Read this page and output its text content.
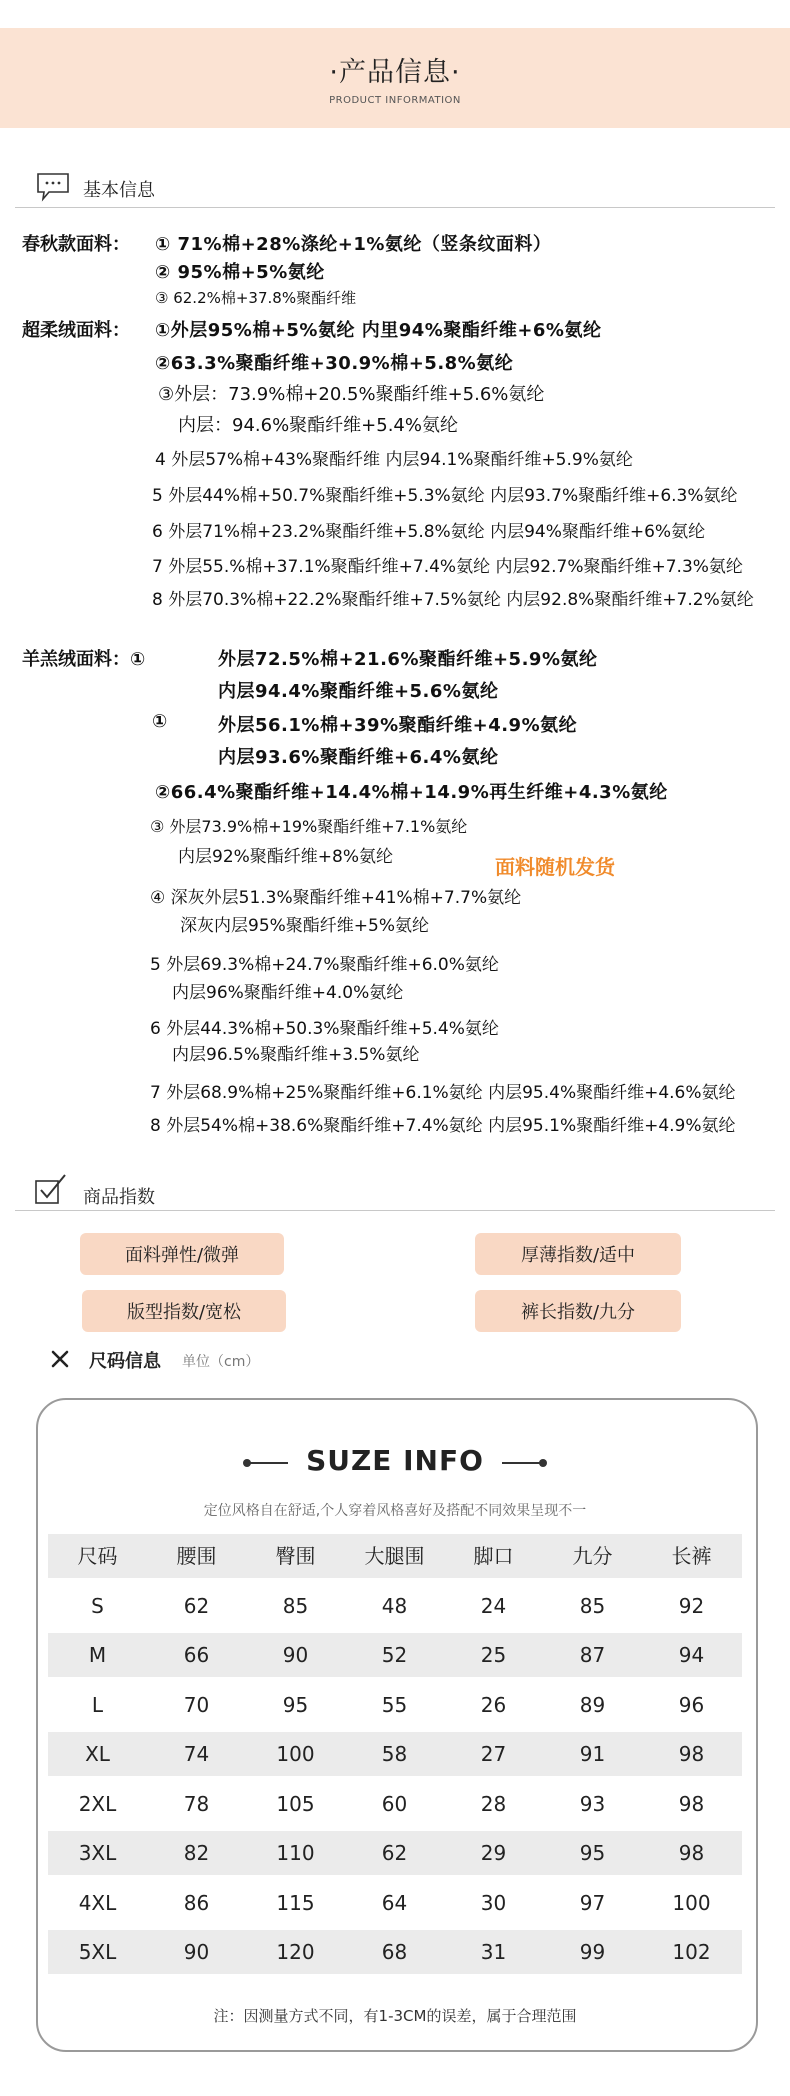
·产品信息·
PRODUCT INFORMATION
基本信息
春秋款面料： ① 71%棉+28%涤纶+1%氨纶（竖条纹面料）
② 95%棉+5%氨纶
③ 62.2%棉+37.8%聚酯纤维
超柔绒面料： ①外层95%棉+5%氨纶 内里94%聚酯纤维+6%氨纶
②63.3%聚酯纤维+30.9%棉+5.8%氨纶
③外层：73.9%棉+20.5%聚酯纤维+5.6%氨纶
内层：94.6%聚酯纤维+5.4%氨纶
4 外层57%棉+43%聚酯纤维 内层94.1%聚酯纤维+5.9%氨纶
5 外层44%棉+50.7%聚酯纤维+5.3%氨纶 内层93.7%聚酯纤维+6.3%氨纶
6 外层71%棉+23.2%聚酯纤维+5.8%氨纶 内层94%聚酯纤维+6%氨纶
7 外层55.%棉+37.1%聚酯纤维+7.4%氨纶 内层92.7%聚酯纤维+7.3%氨纶
8 外层70.3%棉+22.2%聚酯纤维+7.5%氨纶 内层92.8%聚酯纤维+7.2%氨纶
羊羔绒面料：①	外层72.5%棉+21.6%聚酯纤维+5.9%氨纶
内层94.4%聚酯纤维+5.6%氨纶
①	外层56.1%棉+39%聚酯纤维+4.9%氨纶
内层93.6%聚酯纤维+6.4%氨纶
②66.4%聚酯纤维+14.4%棉+14.9%再生纤维+4.3%氨纶
③ 外层73.9%棉+19%聚酯纤维+7.1%氨纶
内层92%聚酯纤维+8%氨纶	面料随机发货
④ 深灰外层51.3%聚酯纤维+41%棉+7.7%氨纶
深灰内层95%聚酯纤维+5%氨纶
5 外层69.3%棉+24.7%聚酯纤维+6.0%氨纶
内层96%聚酯纤维+4.0%氨纶
6 外层44.3%棉+50.3%聚酯纤维+5.4%氨纶
内层96.5%聚酯纤维+3.5%氨纶
7 外层68.9%棉+25%聚酯纤维+6.1%氨纶 内层95.4%聚酯纤维+4.6%氨纶
8 外层54%棉+38.6%聚酯纤维+7.4%氨纶 内层95.1%聚酯纤维+4.9%氨纶
商品指数
面料弹性/微弹	厚薄指数/适中
版型指数/宽松	裤长指数/九分
尺码信息 单位（cm）
SUZE INFO
定位风格自在舒适,个人穿着风格喜好及搭配不同效果呈现不一
尺码	腰围	臀围	大腿围	脚口	九分	长裤
S	62	85	48	24	85	92
M	66	90	52	25	87	94
L	70	95	55	26	89	96
XL	74	100	58	27	91	98
2XL	78	105	60	28	93	98
3XL	82	110	62	29	95	98
4XL	86	115	64	30	97	100
5XL	90	120	68	31	99	102
注：因测量方式不同，有1-3CM的误差，属于合理范围
